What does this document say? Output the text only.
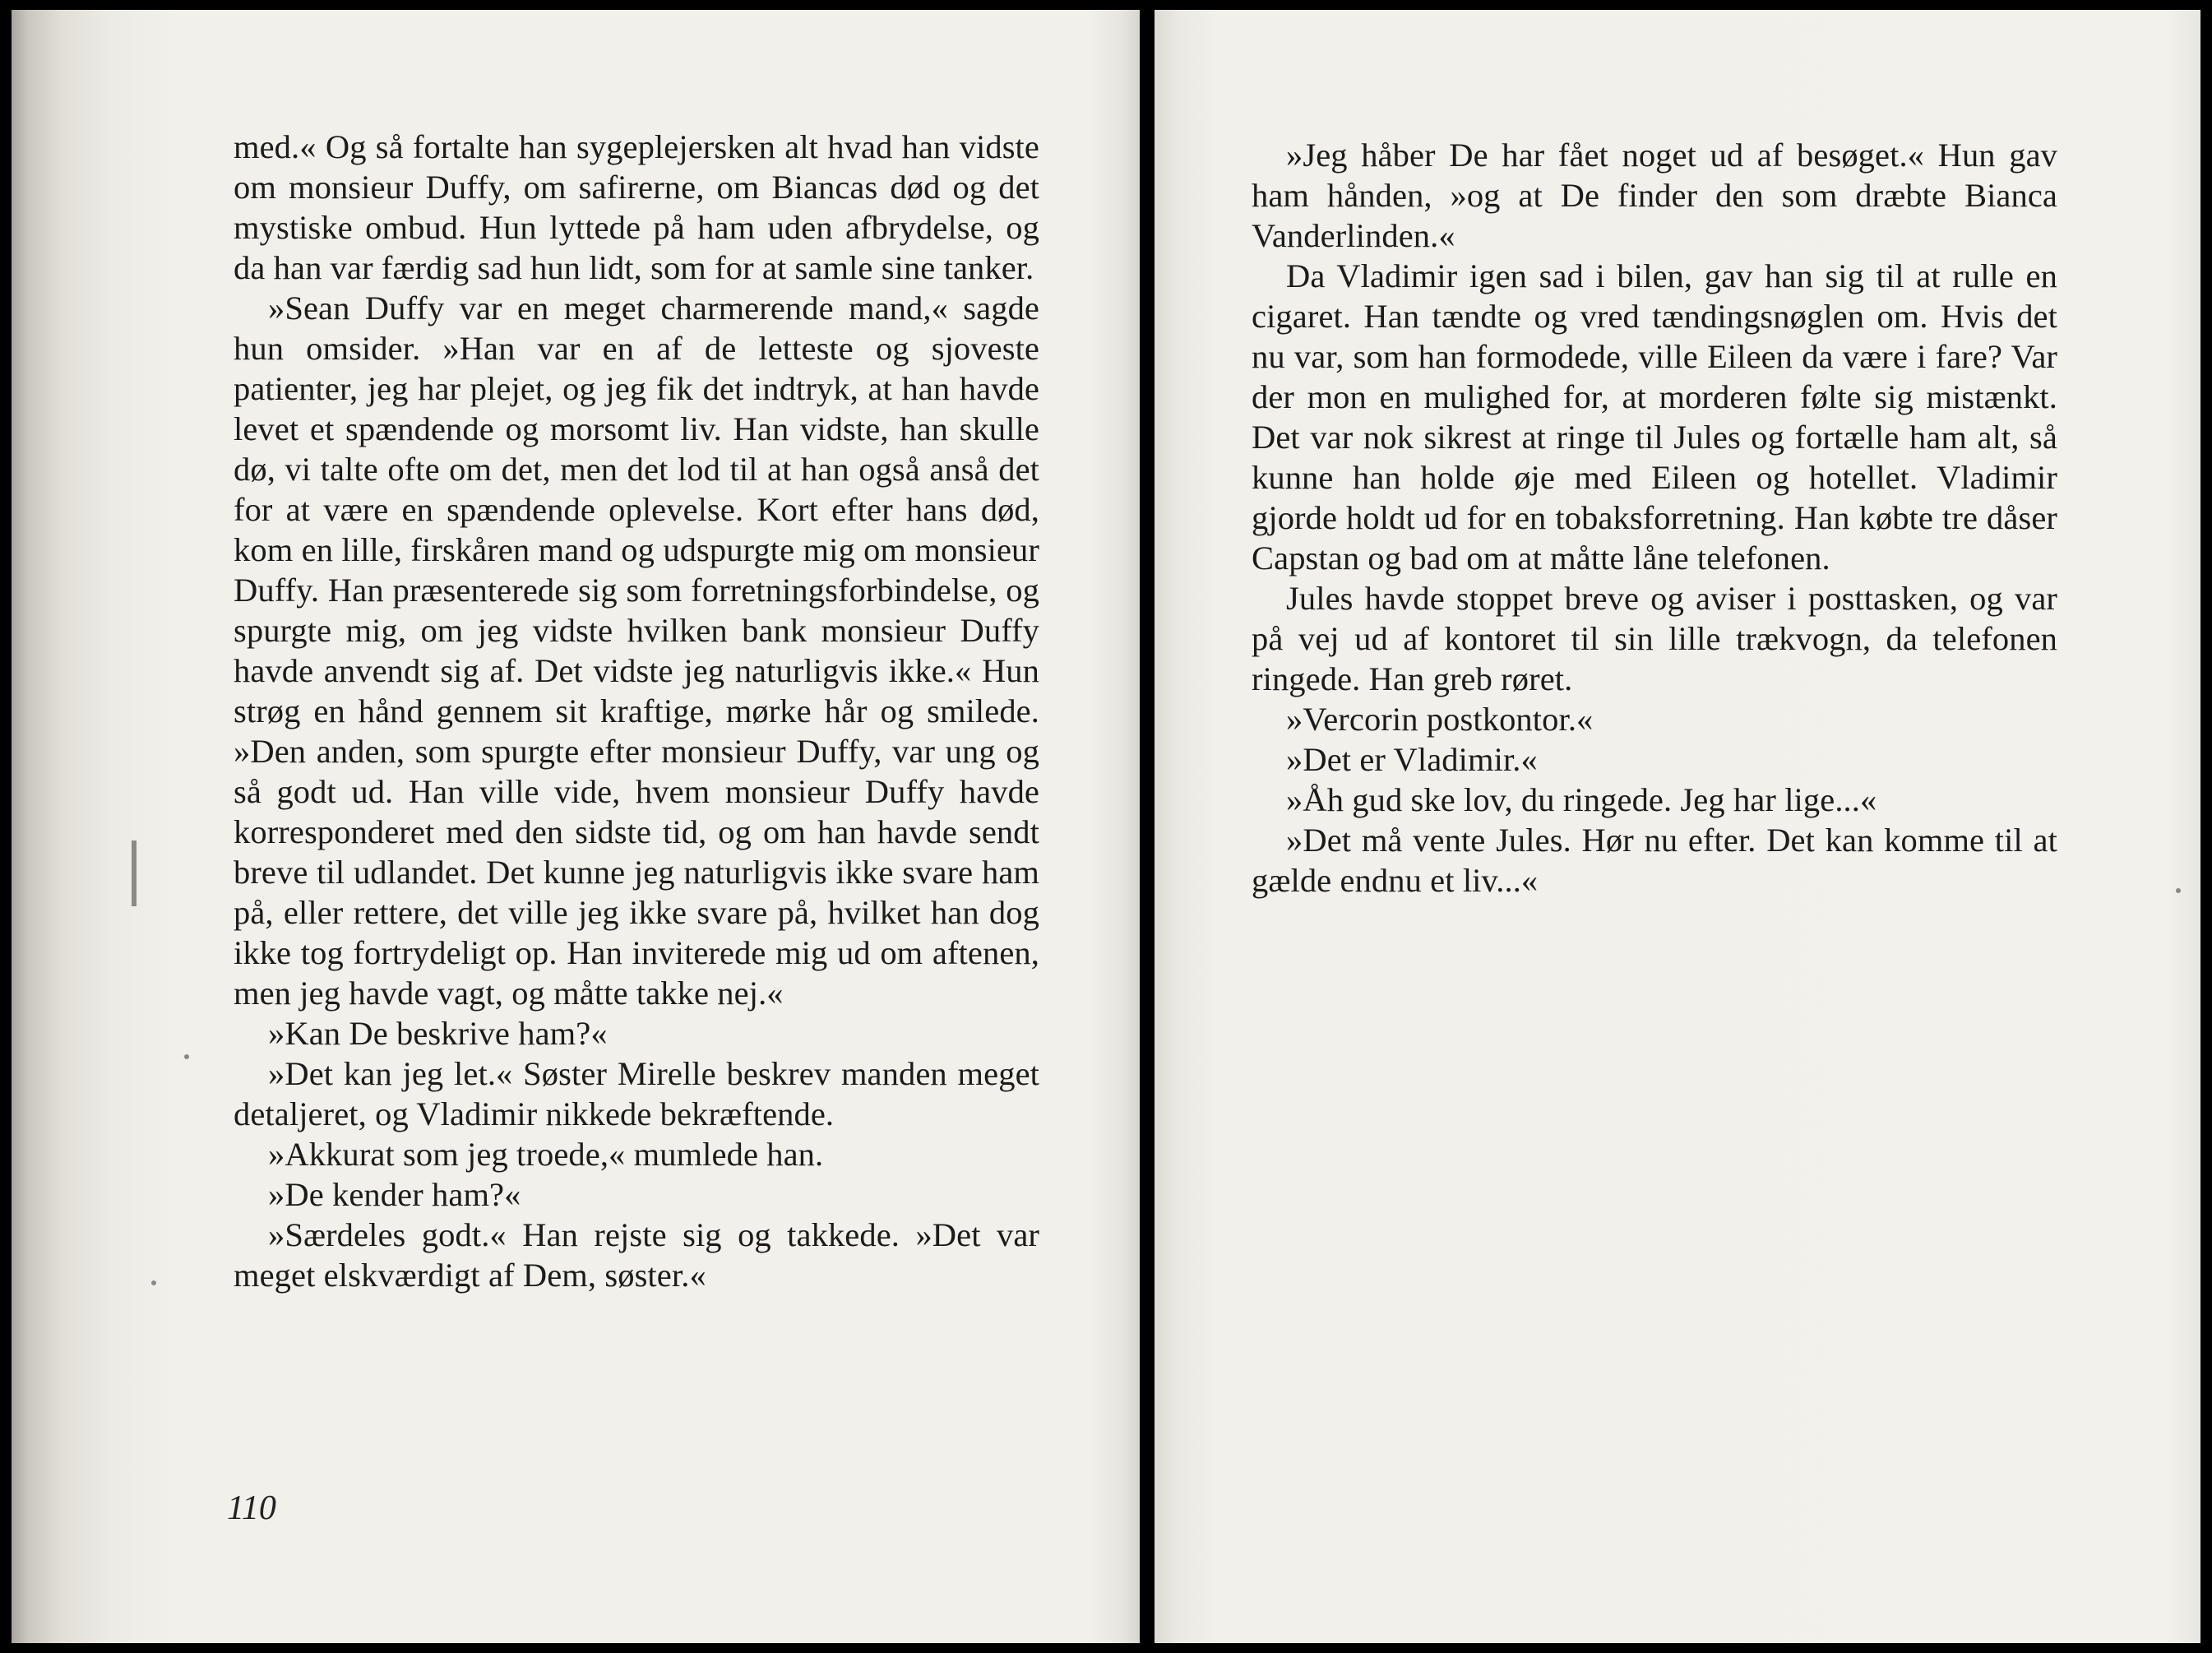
med.« Og så fortalte han sygeplejersken alt hvad han vidste om monsieur Duffy, om safirerne, om Biancas død og det mystiske ombud. Hun lyttede på ham uden afbrydelse, og da han var færdig sad hun lidt, som for at samle sine tanker.

»Sean Duffy var en meget charmerende mand,« sagde hun omsider. »Han var en af de letteste og sjoveste patienter, jeg har plejet, og jeg fik det indtryk, at han havde levet et spændende og morsomt liv. Han vidste, han skulle dø, vi talte ofte om det, men det lod til at han også anså det for at være en spændende oplevelse. Kort efter hans død, kom en lille, firskåren mand og udspurgte mig om monsieur Duffy. Han præsenterede sig som forretningsforbindelse, og spurgte mig, om jeg vidste hvilken bank monsieur Duffy havde anvendt sig af. Det vidste jeg naturligvis ikke.« Hun strøg en hånd gennem sit kraftige, mørke hår og smilede. »Den anden, som spurgte efter monsieur Duffy, var ung og så godt ud. Han ville vide, hvem monsieur Duffy havde korresponderet med den sidste tid, og om han havde sendt breve til udlandet. Det kunne jeg naturligvis ikke svare ham på, eller rettere, det ville jeg ikke svare på, hvilket han dog ikke tog fortrydeligt op. Han inviterede mig ud om aftenen, men jeg havde vagt, og måtte takke nej.«

»Kan De beskrive ham?«

»Det kan jeg let.« Søster Mirelle beskrev manden meget detaljeret, og Vladimir nikkede bekræftende.

»Akkurat som jeg troede,« mumlede han.

»De kender ham?«

»Særdeles godt.« Han rejste sig og takkede. »Det var meget elskværdigt af Dem, søster.«

110

»Jeg håber De har fået noget ud af besøget.« Hun gav ham hånden, »og at De finder den som dræbte Bianca Vanderlinden.«

Da Vladimir igen sad i bilen, gav han sig til at rulle en cigaret. Han tændte og vred tændingsnøglen om. Hvis det nu var, som han formodede, ville Eileen da være i fare? Var der mon en mulighed for, at morderen følte sig mistænkt. Det var nok sikrest at ringe til Jules og fortælle ham alt, så kunne han holde øje med Eileen og hotellet. Vladimir gjorde holdt ud for en tobaksforretning. Han købte tre dåser Capstan og bad om at måtte låne telefonen.

Jules havde stoppet breve og aviser i posttasken, og var på vej ud af kontoret til sin lille trækvogn, da telefonen ringede. Han greb røret.

»Vercorin postkontor.«

»Det er Vladimir.«

»Åh gud ske lov, du ringede. Jeg har lige...«

»Det må vente Jules. Hør nu efter. Det kan komme til at gælde endnu et liv...«
